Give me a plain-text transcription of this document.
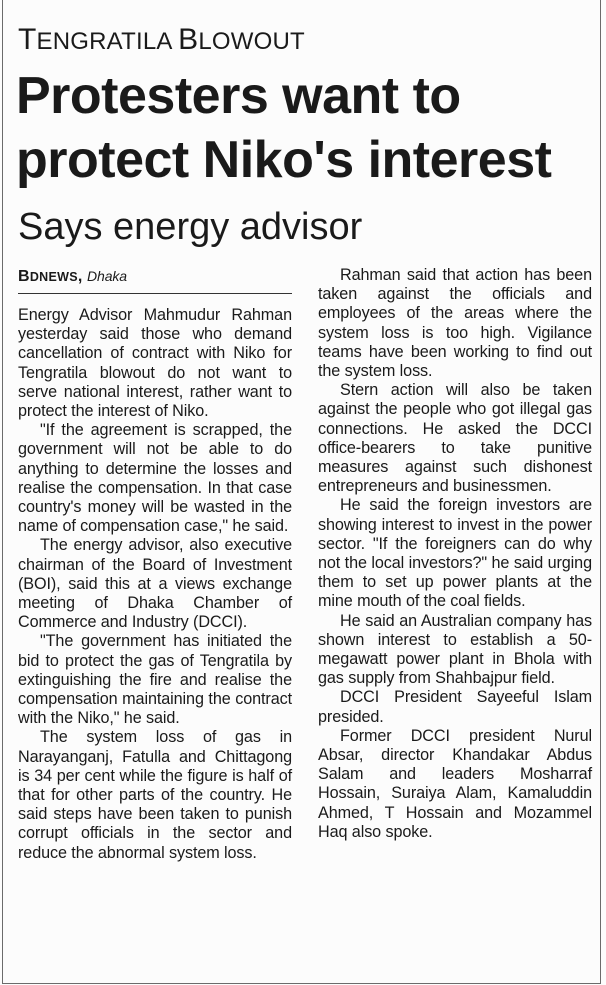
TENGRATILA BLOWOUT
Protesters want to protect Niko's interest
Says energy advisor
BDNEWS, Dhaka

Energy Advisor Mahmudur Rahman yesterday said those who demand cancellation of contract with Niko for Tengratila blowout do not want to serve national interest, rather want to protect the interest of Niko.

"If the agreement is scrapped, the government will not be able to do anything to determine the losses and realise the compensation. In that case country's money will be wasted in the name of compensation case," he said.

The energy advisor, also executive chairman of the Board of Investment (BOI), said this at a views exchange meeting of Dhaka Chamber of Commerce and Industry (DCCI).

"The government has initiated the bid to protect the gas of Tengratila by extinguishing the fire and realise the compensation maintaining the contract with the Niko," he said.

The system loss of gas in Narayanganj, Fatulla and Chittagong is 34 per cent while the figure is half of that for other parts of the country. He said steps have been taken to punish corrupt officials in the sector and reduce the abnormal system loss.

Rahman said that action has been taken against the officials and employees of the areas where the system loss is too high. Vigilance teams have been working to find out the system loss.

Stern action will also be taken against the people who got illegal gas connections. He asked the DCCI office-bearers to take punitive measures against such dishonest entrepreneurs and businessmen.

He said the foreign investors are showing interest to invest in the power sector. "If the foreigners can do why not the local investors?" he said urging them to set up power plants at the mine mouth of the coal fields.

He said an Australian company has shown interest to establish a 50-megawatt power plant in Bhola with gas supply from Shahbajpur field.

DCCI President Sayeeful Islam presided.

Former DCCI president Nurul Absar, director Khandakar Abdus Salam and leaders Mosharraf Hossain, Suraiya Alam, Kamaluddin Ahmed, T Hossain and Mozammel Haq also spoke.
